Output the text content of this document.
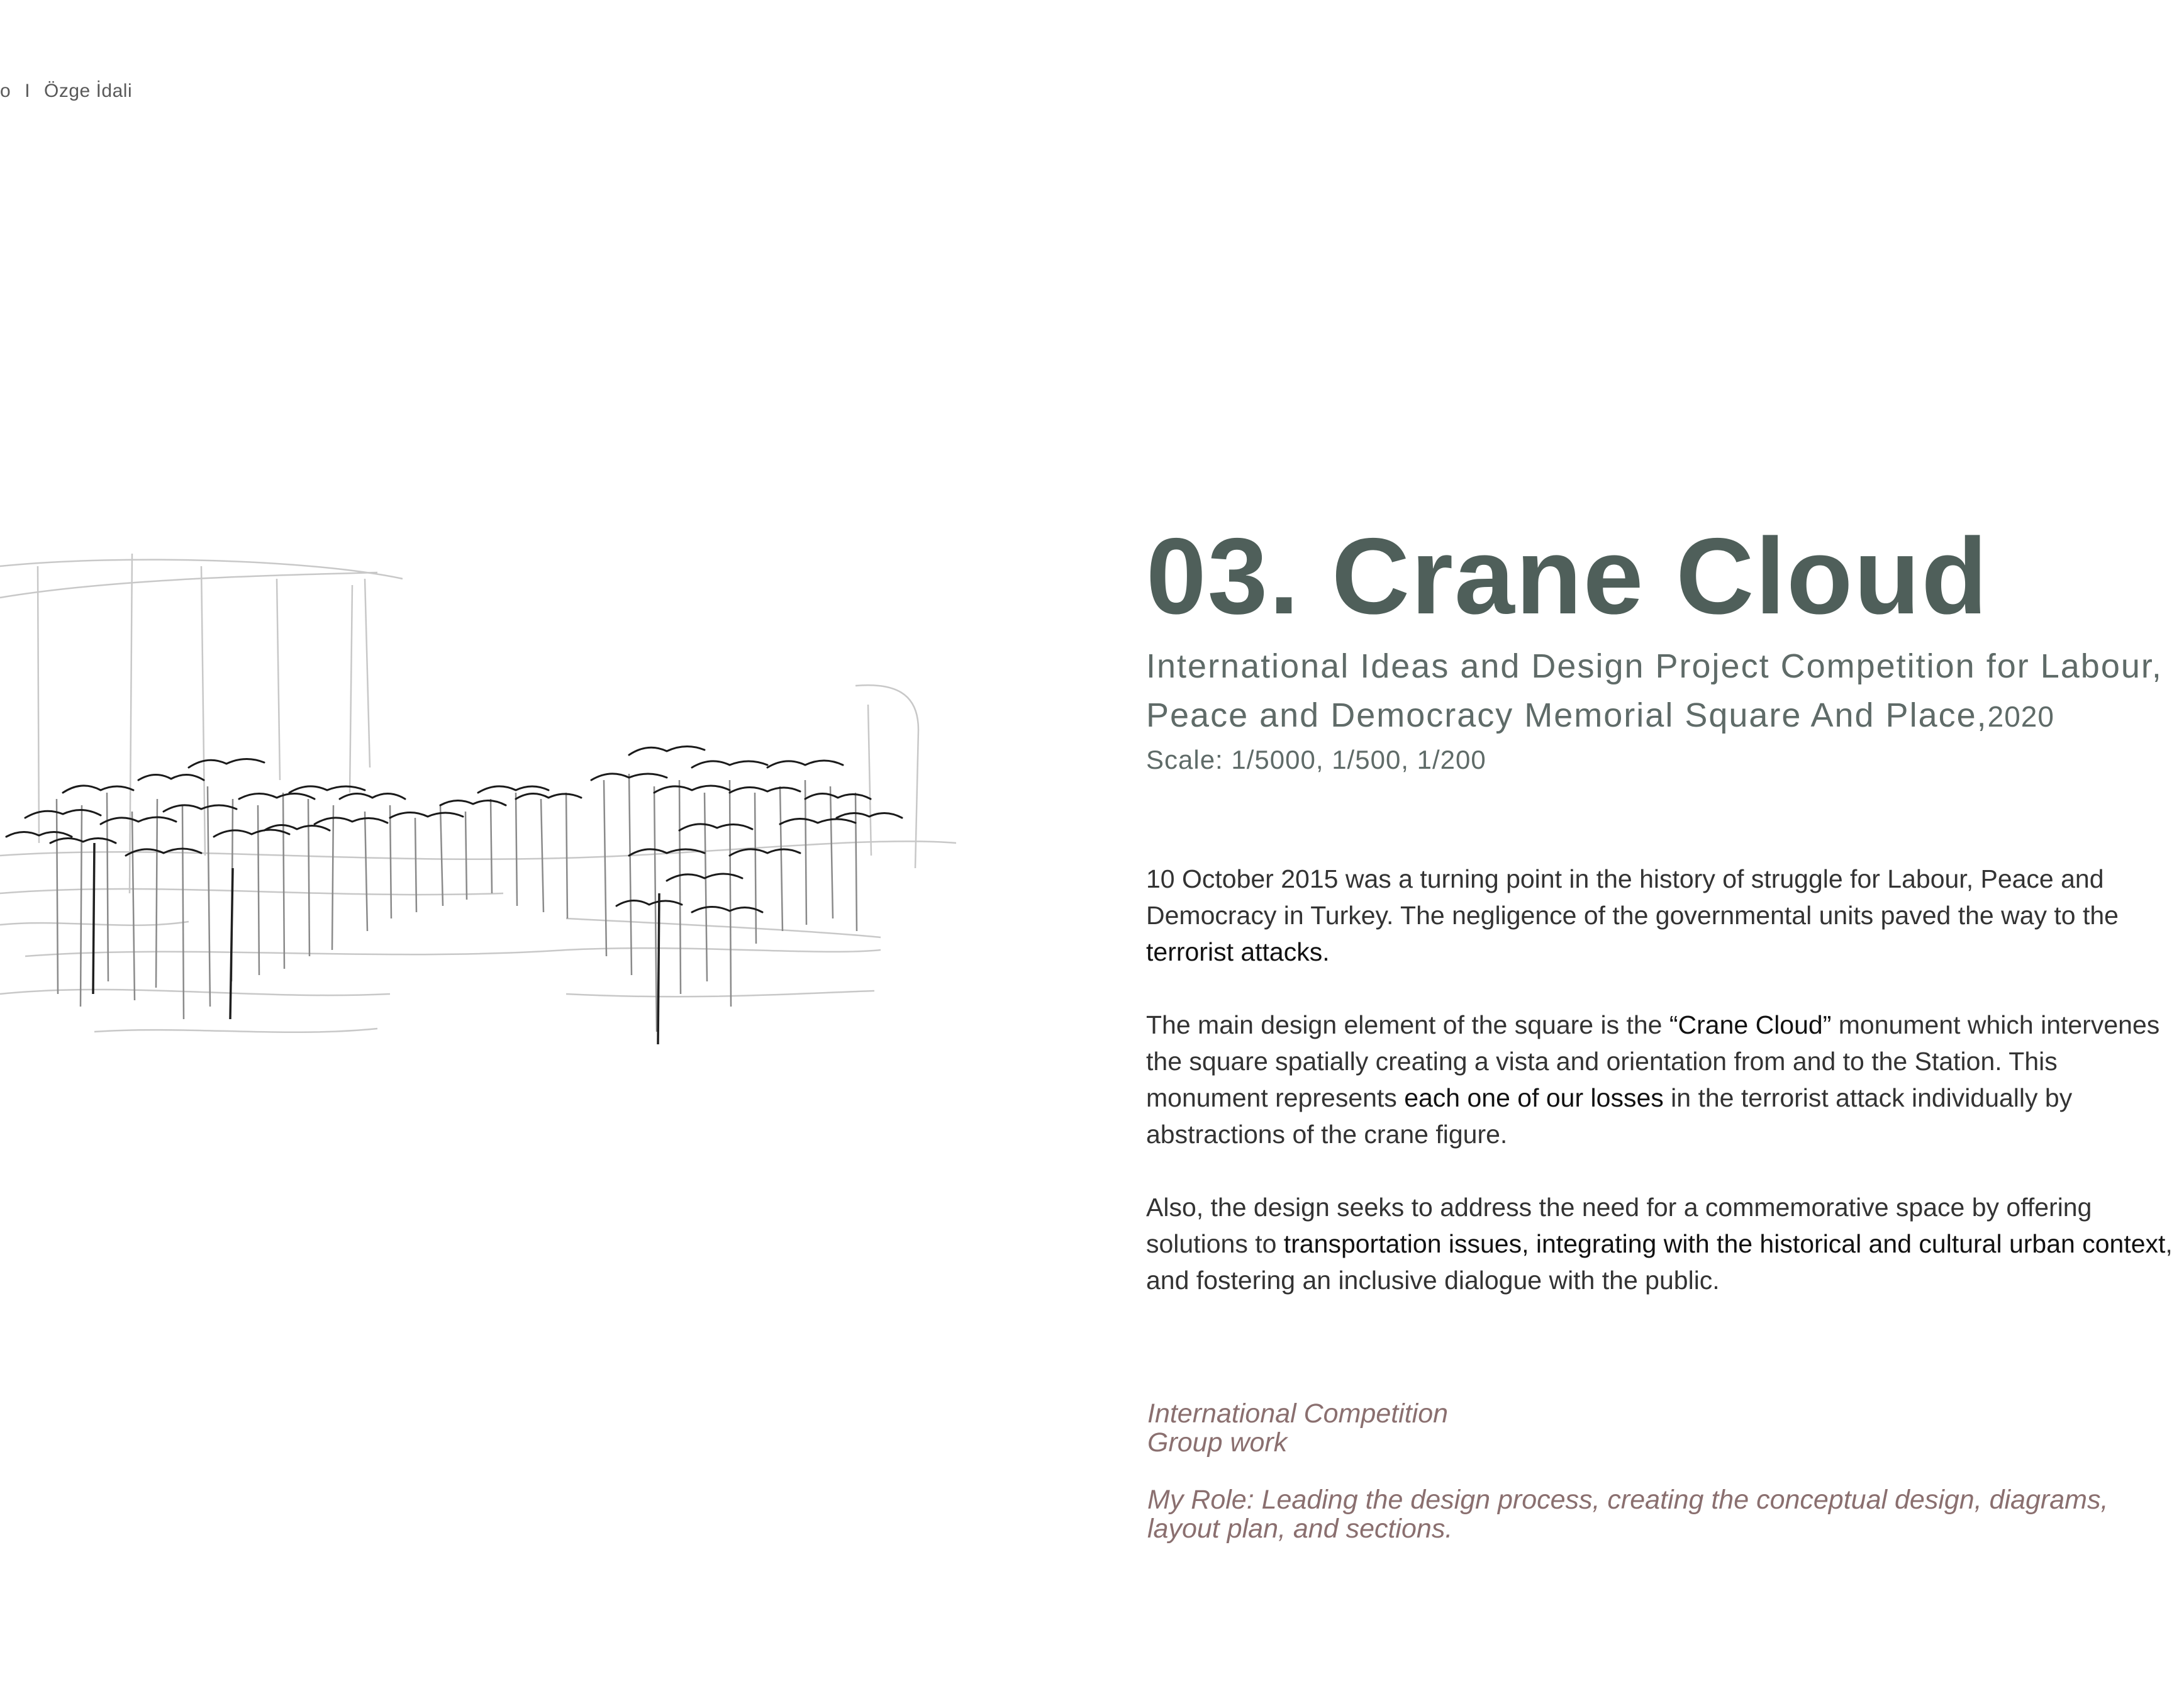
o I Özge İdali
03. Crane Cloud
International Ideas and Design Project Competition for Labour,
Peace and Democracy Memorial Square And Place,2020
Scale: 1/5000, 1/500, 1/200

10 October 2015 was a turning point in the history of struggle for Labour, Peace and Democracy in Turkey. The negligence of the governmental units paved the way to the terrorist attacks.

The main design element of the square is the “Crane Cloud” monument which intervenes the square spatially creating a vista and orientation from and to the Station. This monument represents each one of our losses in the terrorist attack individually by abstractions of the crane figure.

Also, the design seeks to address the need for a commemorative space by offering solutions to transportation issues, integrating with the historical and cultural urban context, and fostering an inclusive dialogue with the public.

International Competition
Group work
My Role: Leading the design process, creating the conceptual design, diagrams, layout plan, and sections.
